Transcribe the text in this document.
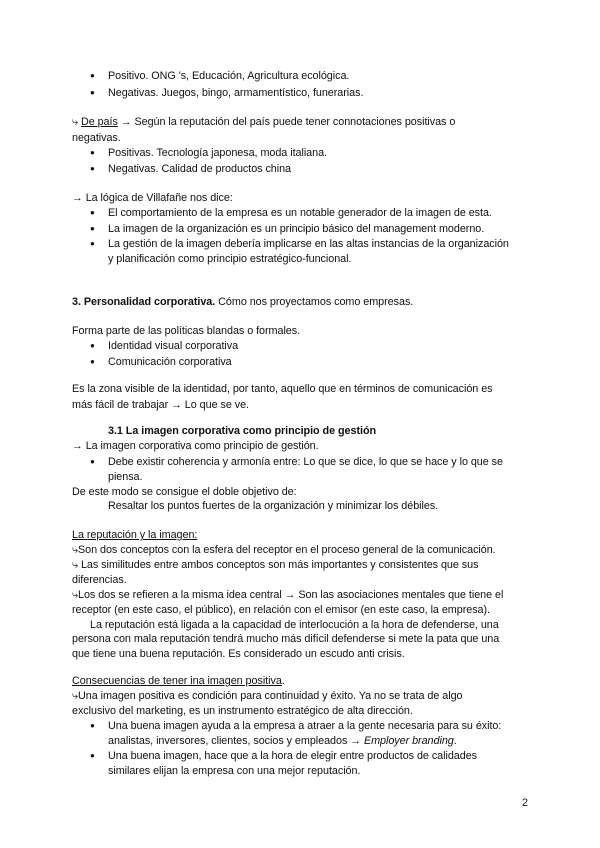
● Positivo. ONG 's, Educación, Agricultura ecológica.
● Negativas. Juegos, bingo, armamentístico, funerarias.
⤷ De país → Según la reputación del país puede tener connotaciones positivas o
negativas.
● Positivas. Tecnología japonesa, moda italiana.
● Negativas. Calidad de productos china
→ La lógica de Villafañe nos dice:
● El comportamiento de la empresa es un notable generador de la imagen de esta.
● La imagen de la organización es un principio básico del management moderno.
● La gestión de la imagen debería implicarse en las altas instancias de la organización
y planificación como principio estratégico-funcional.
3. Personalidad corporativa. Cómo nos proyectamos como empresas.
Forma parte de las políticas blandas o formales.
● Identidad visual corporativa
● Comunicación corporativa
Es la zona visible de la identidad, por tanto, aquello que en términos de comunicación es
más fácil de trabajar → Lo que se ve.
3.1 La imagen corporativa como principio de gestión
→ La imagen corporativa como principio de gestión.
● Debe existir coherencia y armonía entre: Lo que se dice, lo que se hace y lo que se
piensa.
De este modo se consigue el doble objetivo de:
Resaltar los puntos fuertes de la organización y minimizar los débiles.
La reputación y la imagen:
⤷Son dos conceptos con la esfera del receptor en el proceso general de la comunicación.
⤷ Las similitudes entre ambos conceptos son más importantes y consistentes que sus
diferencias.
⤷Los dos se refieren a la misma idea central → Son las asociaciones mentales que tiene el
receptor (en este caso, el público), en relación con el emisor (en este caso, la empresa).
La reputación está ligada a la capacidad de interlocución a la hora de defenderse, una
persona con mala reputación tendrá mucho más difícil defenderse si mete la pata que una
que tiene una buena reputación. Es considerado un escudo anti crisis.
Consecuencias de tener ina imagen positiva.
⤷Una imagen positiva es condición para continuidad y éxito. Ya no se trata de algo
exclusivo del marketing, es un instrumento estratégico de alta dirección.
● Una buena imagen ayuda a la empresa a atraer a la gente necesaria para su éxito:
analistas, inversores, clientes, socios y empleados → Employer branding.
● Una buena imagen, hace que a la hora de elegir entre productos de calidades
similares elijan la empresa con una mejor reputación.
2
